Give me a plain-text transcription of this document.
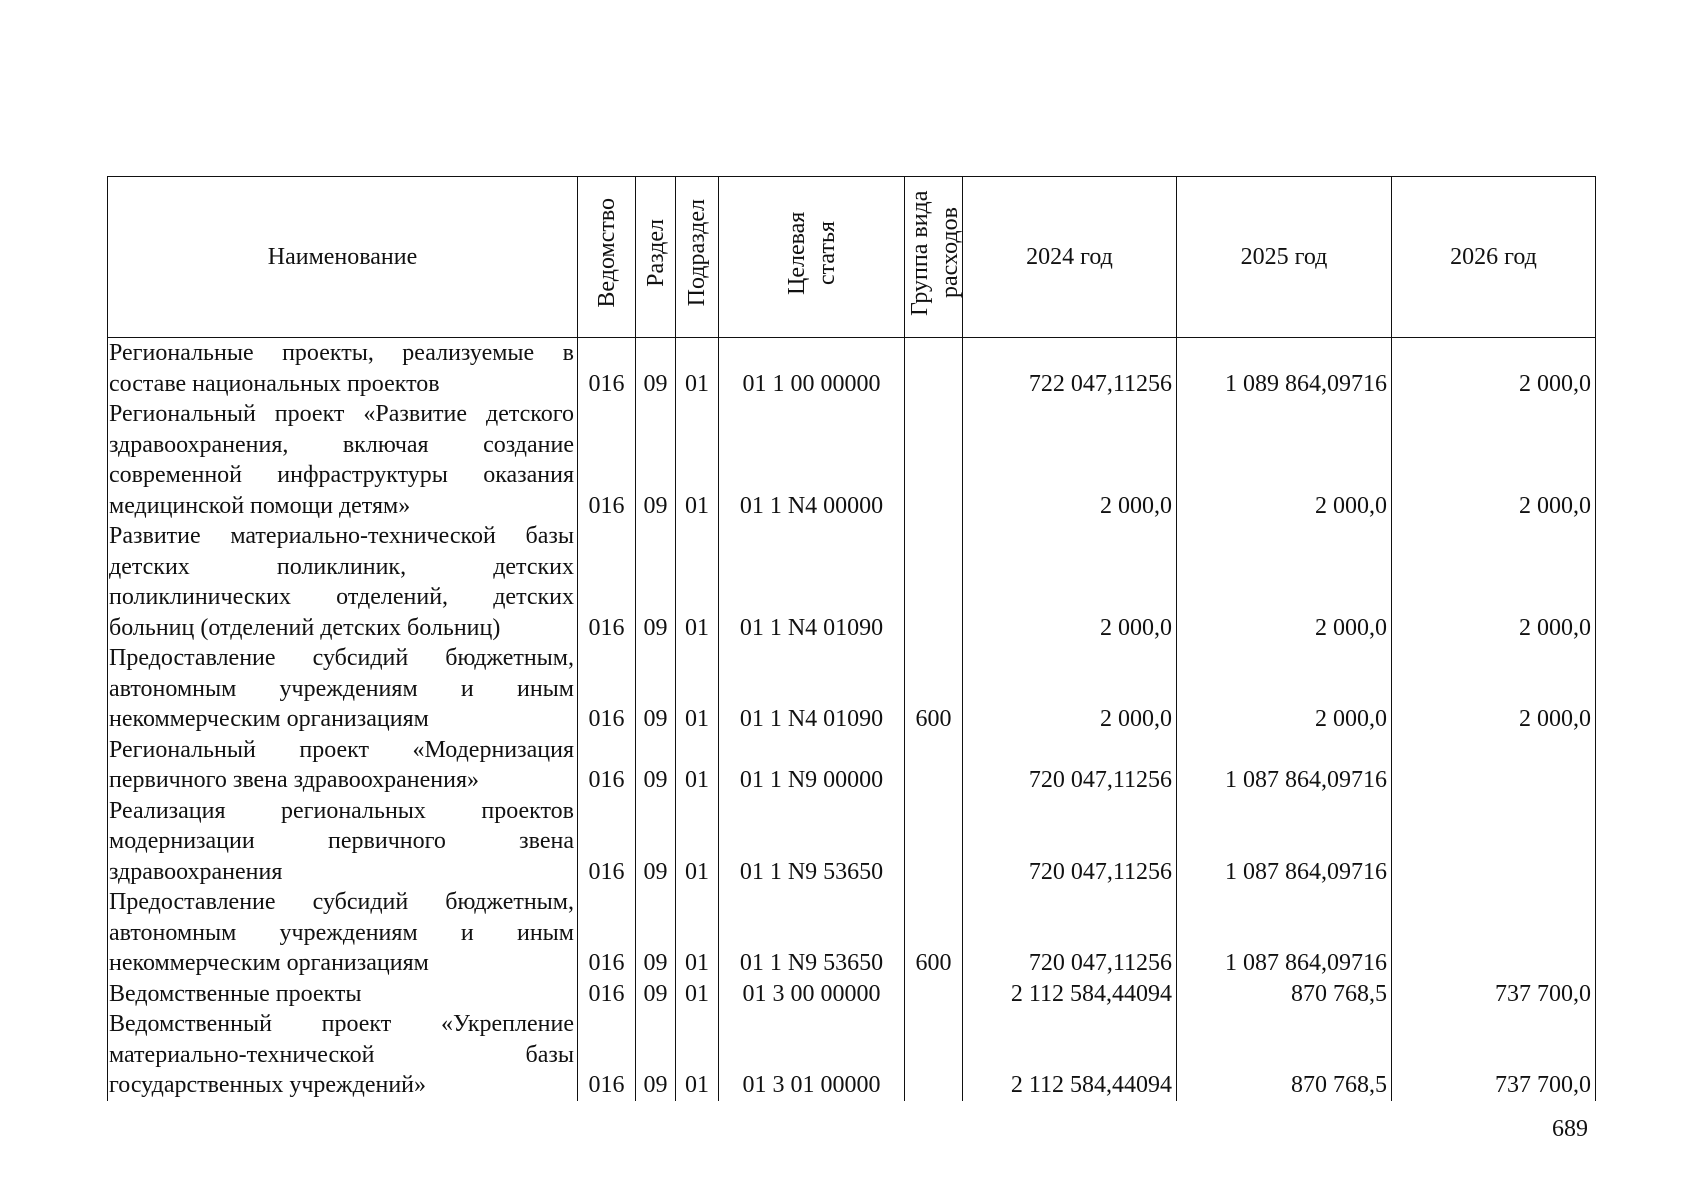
Наименование	Ведомство	Раздел	Подраздел	Целевая статья	Группа вида расходов	2024 год	2025 год	2026 год
Региональные проекты, реализуемые в составе национальных проектов	016	09	01	01 1 00 00000		722 047,11256	1 089 864,09716	2 000,0
Региональный проект «Развитие детского здравоохранения, включая создание современной инфраструктуры оказания медицинской помощи детям»	016	09	01	01 1 N4 00000		2 000,0	2 000,0	2 000,0
Развитие материально-технической базы детских поликлиник, детских поликлинических отделений, детских больниц (отделений детских больниц)	016	09	01	01 1 N4 01090		2 000,0	2 000,0	2 000,0
Предоставление субсидий бюджетным, автономным учреждениям и иным некоммерческим организациям	016	09	01	01 1 N4 01090	600	2 000,0	2 000,0	2 000,0
Региональный проект «Модернизация первичного звена здравоохранения»	016	09	01	01 1 N9 00000		720 047,11256	1 087 864,09716	
Реализация региональных проектов модернизации первичного звена здравоохранения	016	09	01	01 1 N9 53650		720 047,11256	1 087 864,09716	
Предоставление субсидий бюджетным, автономным учреждениям и иным некоммерческим организациям	016	09	01	01 1 N9 53650	600	720 047,11256	1 087 864,09716	
Ведомственные проекты	016	09	01	01 3 00 00000		2 112 584,44094	870 768,5	737 700,0
Ведомственный проект «Укрепление материально-технической базы государственных учреждений»	016	09	01	01 3 01 00000		2 112 584,44094	870 768,5	737 700,0
689
